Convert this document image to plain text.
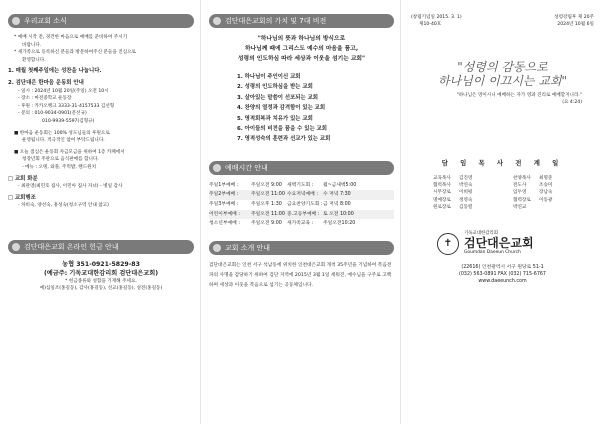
우리교회 소식
* 예배 시작 전, 경건한 마음으로 예배를 준비하여 주시기
바랍니다.
* 새가족으로 등록하신 분들과 방문하여주신 분들을 진심으로
환영합니다.
1. 매월 첫째주일에는 성찬을 나눕니다.
2. 검단대은 한마음 운동회 안내
- 일시 : 2024년 10월 20일(주일) 오전 10시
- 장소 : 마전중학교 운동장
- 후원 : 카카오뱅크 3333-31-4157533 김선형
- 문의 : 010-9034-0901(문선규)
010-9939-5597(김형규)
■ 한마음 운동회는 100% 성도님들의 후원으로
운영됩니다. 적극적인 참여 부탁드립니다.
■ 오늘 점심은 운동회 자금모금을 위하여 1층 카페에서
청장년회 주관으로 음식판매를 합니다.
- 메뉴 : 오뎅, 와플, 주먹밥, 핸드원치
□ 교회 화분
- 최관영(최민호 집사, 이민아 집사 자녀) - 병일 감사
□ 교회행조
- 차비숙, 양선숙, 홍성숙(청소구역 안내 참고)
검단대은교회 온라인 헌금 안내
농협 351-0921-5829-83
(예금주: 기독교대한감리회 검단대은교회)
* 헌금종류와 성함을 기재해 주세요.
예)십일조(홍길동), 감사(홍길동), 선교(홍길동), 성전(홍길동)
검단대은교회의 가치 및 7대 비전
"하나님의 뜻과 하나님의 방식으로
하나님께 때에 그리스도 예수의 마음을 품고,
성령의 인도하심 따라 세상과 이웃을 섬기는 교회"
1. 하나님이 주인이신 교회
2. 성령의 인도하심을 받는 교회
3. 살아있는 말씀이 선포되는 교회
4. 찬양의 열정과 감격함이 있는 교회
5. 영적회복과 치유가 있는 교회
6. 아이들의 비전을 품을 수 있는 교회
7. 영적성숙의 훈련과 선교가 있는 교회
예배시간 안내
주일1부예배 :	주일오전 9:00 새벽기도회 :	월~금새벽5:00
주일2부예배 :	주일오전 11:00 수요저녁예배 :	수 저녁 7:30
주일3부예배 :	주일오후 1:30 금요찬양기도회 : 금 저녁 8:00
어린이부예배 :	주일오전 11:00 중.고등부예배 : 토 오전 10:00
청소년부예배 :	주일오전 9:00 새가족교육 :	주일오전10:20
교회 소개 안내
검단대은교회는 인천 서구 석남동에 위치한 인천대은교회 개척 35주년을 기념하여 복음전파의 사명을 감당하기 위하여 검단 지역에 2015년 3월 1일 세워진, 예수님을 구주로 고백하며 세상과 이웃을 복음으로 섬기는 공동체입니다.
(창립기념일 2015. 3. 1)	성령강림후 제 20주
제10-40호	2024년 10월 6일
"성령의 감동으로
하나님이 이끄시는 교회"
"하나님은 영이시니 예배하는 자가 영과 진리로 예배할지니라."
(요 4:24)
담 임 목 사 전 계 일
교육목사	김진영	찬양목사	최명준
협력목사	박연숙	전도사	조승미
시무장로	이희평	임두영	장남숙
명예장로	정영숙	협력장로	이동광
원로장로	김동렬	박연교
✝
기독교대한감리회
검단대은교회
Goumdan Daeeun Church
(22616) 인천광역시 서구 원당로 51-1
(032) 563-0891 FAX (032) 715-6767
www.daeeunch.com
